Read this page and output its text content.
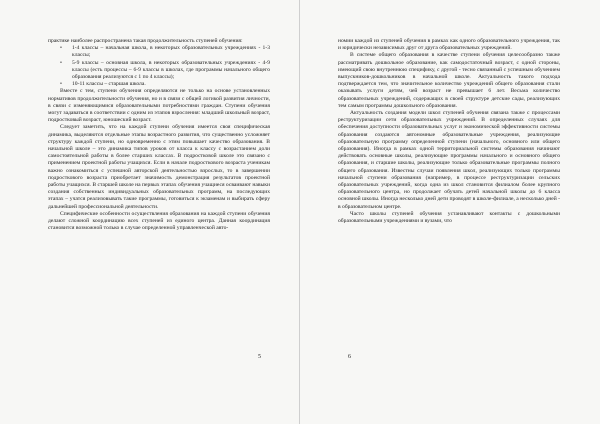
практике наиболее распространена такая продолжительность ступеней обучения:

• 1-4 классы – начальная школа, в некоторых образовательных учреждениях - 1-3 классы;
• 5-9 классы – основная школа, в некоторых образовательных учреждениях - 4-9 классы (есть процессы – 6-9 классы в школах, где программы начального общего образования реализуются с 1 по 4 классы);
• 10-11 классы – старшая школа.

Вместе с тем, ступени обучения определяются не только на основе установленных нормативов продолжительности обучения, но и в связи с общей логикой развития личности, в связи с изменяющимися образовательными потребностями граждан. Ступени обучения могут задаваться в соответствии с одним из этапов взросления: младший школьный возраст, подростковый возраст, юношеский возраст.

Следует заметить, что на каждой ступени обучения имеется своя специфическая динамика, выделяются отдельные этапы возрастного развития, что существенно усложняет структуру каждой ступени, но одновременно с этим повышает качество образования. В начальной школе – это динамика типов уроков от класса к классу с возрастанием доли самостоятельной работы в более старших классах. В подростковой школе это связано с применением проектной работы учащихся. Если в начале подросткового возраста ученикам важно ознакомиться с успешной авторской деятельностью взрослых, то в завершении подросткового возраста приобретает значимость демонстрация результатов проектной работы учащихся. В старшей школе на первых этапах обучения учащиеся осваивают навыки создания собственных индивидуальных образовательных программ, на последующих этапах – учатся реализовывать такие программы, готовиться к экзаменам и выбирать сферу дальнейшей профессиональной деятельности.

Специфические особенности осуществления образования на каждой ступени обучения делают сложной координацию всех ступеней из единого центра. Данная координация становится возможной только в случае определенной управленческой авто-

5

номии каждой из ступеней обучения в рамках как одного образовательного учреждения, так и юридически независимых друг от друга образовательных учреждений.

В системе общего образования в качестве ступени обучения целесообразно также рассматривать дошкольное образование, как самодостаточный возраст, с одной стороны, имеющий свою внутреннюю специфику, с другой - тесно связанный с успешным обучением выпускников-дошкольников в начальной школе. Актуальность такого подхода подтверждается тем, что значительное количество учреждений общего образования стали оказывать услуги детям, чей возраст не превышает 6 лет. Весьма количество образовательных учреждений, содержащих в своей структуре детские сады, реализующих тем самым программы дошкольного образования.

Актуальность создания модели школ ступеней обучения связана также с процессами реструктуризации сети образовательных учреждений. В определенных случаях для обеспечения доступности образовательных услуг и экономической эффективности системы образования создаются автономные образовательные учреждения, реализующие образовательную программу определенной ступени (начального, основного или общего образования). Иногда в рамках одной территориальной системы образования начинают действовать основные школы, реализующие программы начального и основного общего образования, и старшие школы, реализующие только образовательные программы полного общего образования. Известны случаи появления школ, реализующих только программы начальной ступени образования (например, в процессе реструктуризации сельских образовательных учреждений, когда одна из школ становится филиалом более крупного образовательного центра, но продолжает обучать детей начальной школы до 6 класса основной школы. Иногда несколько дней дети проводят в школе-филиале, а несколько дней - в образовательном центре.

Часто школы ступеней обучения устанавливают контакты с дошкольными образовательными учреждениями и вузами, что

6
